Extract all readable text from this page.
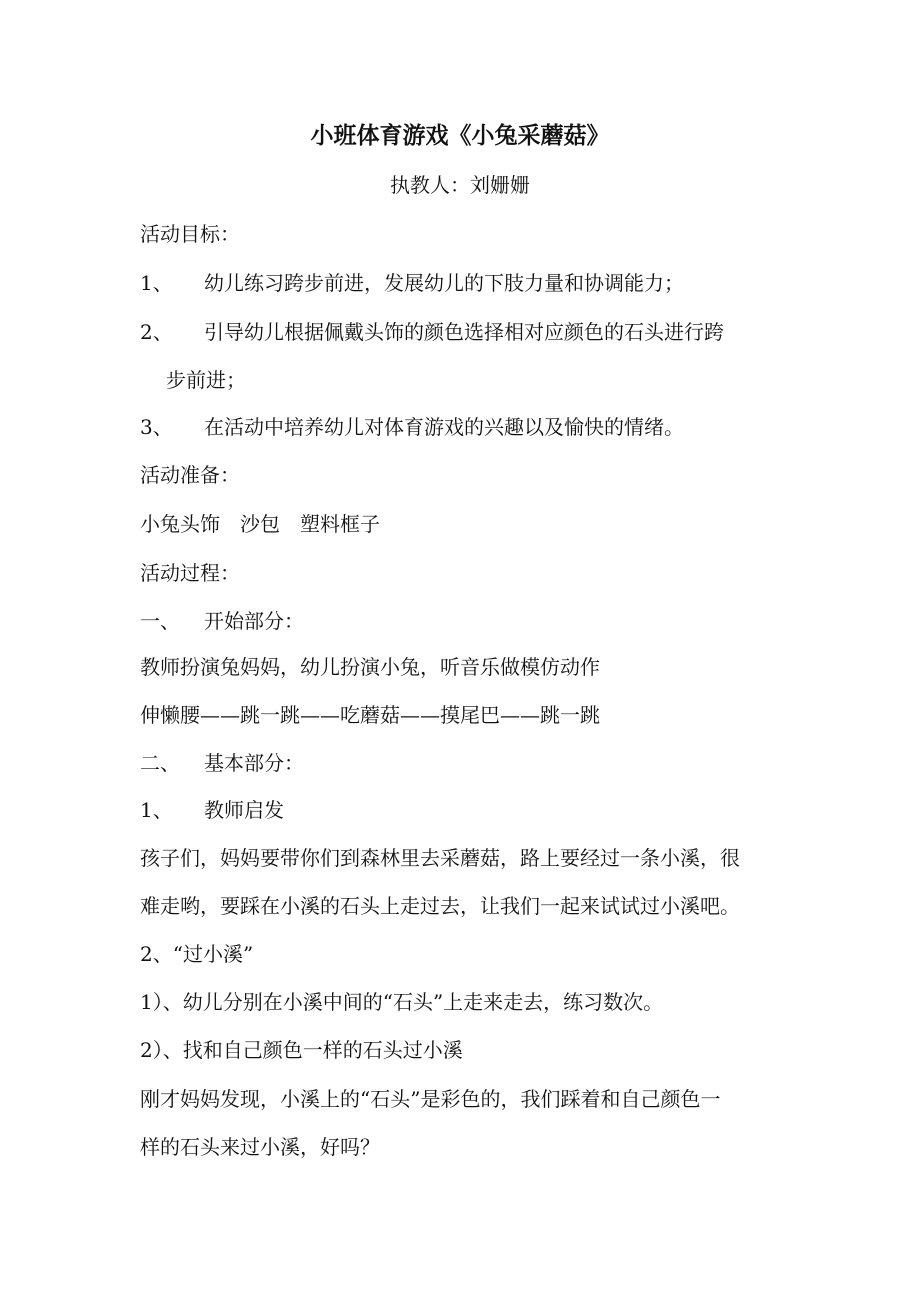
小班体育游戏《小兔采蘑菇》
执教人：刘姗姗
活动目标：
1、 幼儿练习跨步前进，发展幼儿的下肢力量和协调能力；
2、 引导幼儿根据佩戴头饰的颜色选择相对应颜色的石头进行跨
步前进；
3、 在活动中培养幼儿对体育游戏的兴趣以及愉快的情绪。
活动准备：
小兔头饰　沙包　塑料框子
活动过程：
一、 开始部分：
教师扮演兔妈妈，幼儿扮演小兔，听音乐做模仿动作
伸懒腰——跳一跳——吃蘑菇——摸尾巴——跳一跳
二、 基本部分：
1、 教师启发
孩子们，妈妈要带你们到森林里去采蘑菇，路上要经过一条小溪，很
难走哟，要踩在小溪的石头上走过去，让我们一起来试试过小溪吧。
2、“过小溪”
1）、幼儿分别在小溪中间的“石头”上走来走去，练习数次。
2）、找和自己颜色一样的石头过小溪
刚才妈妈发现，小溪上的“石头”是彩色的，我们踩着和自己颜色一
样的石头来过小溪，好吗？
